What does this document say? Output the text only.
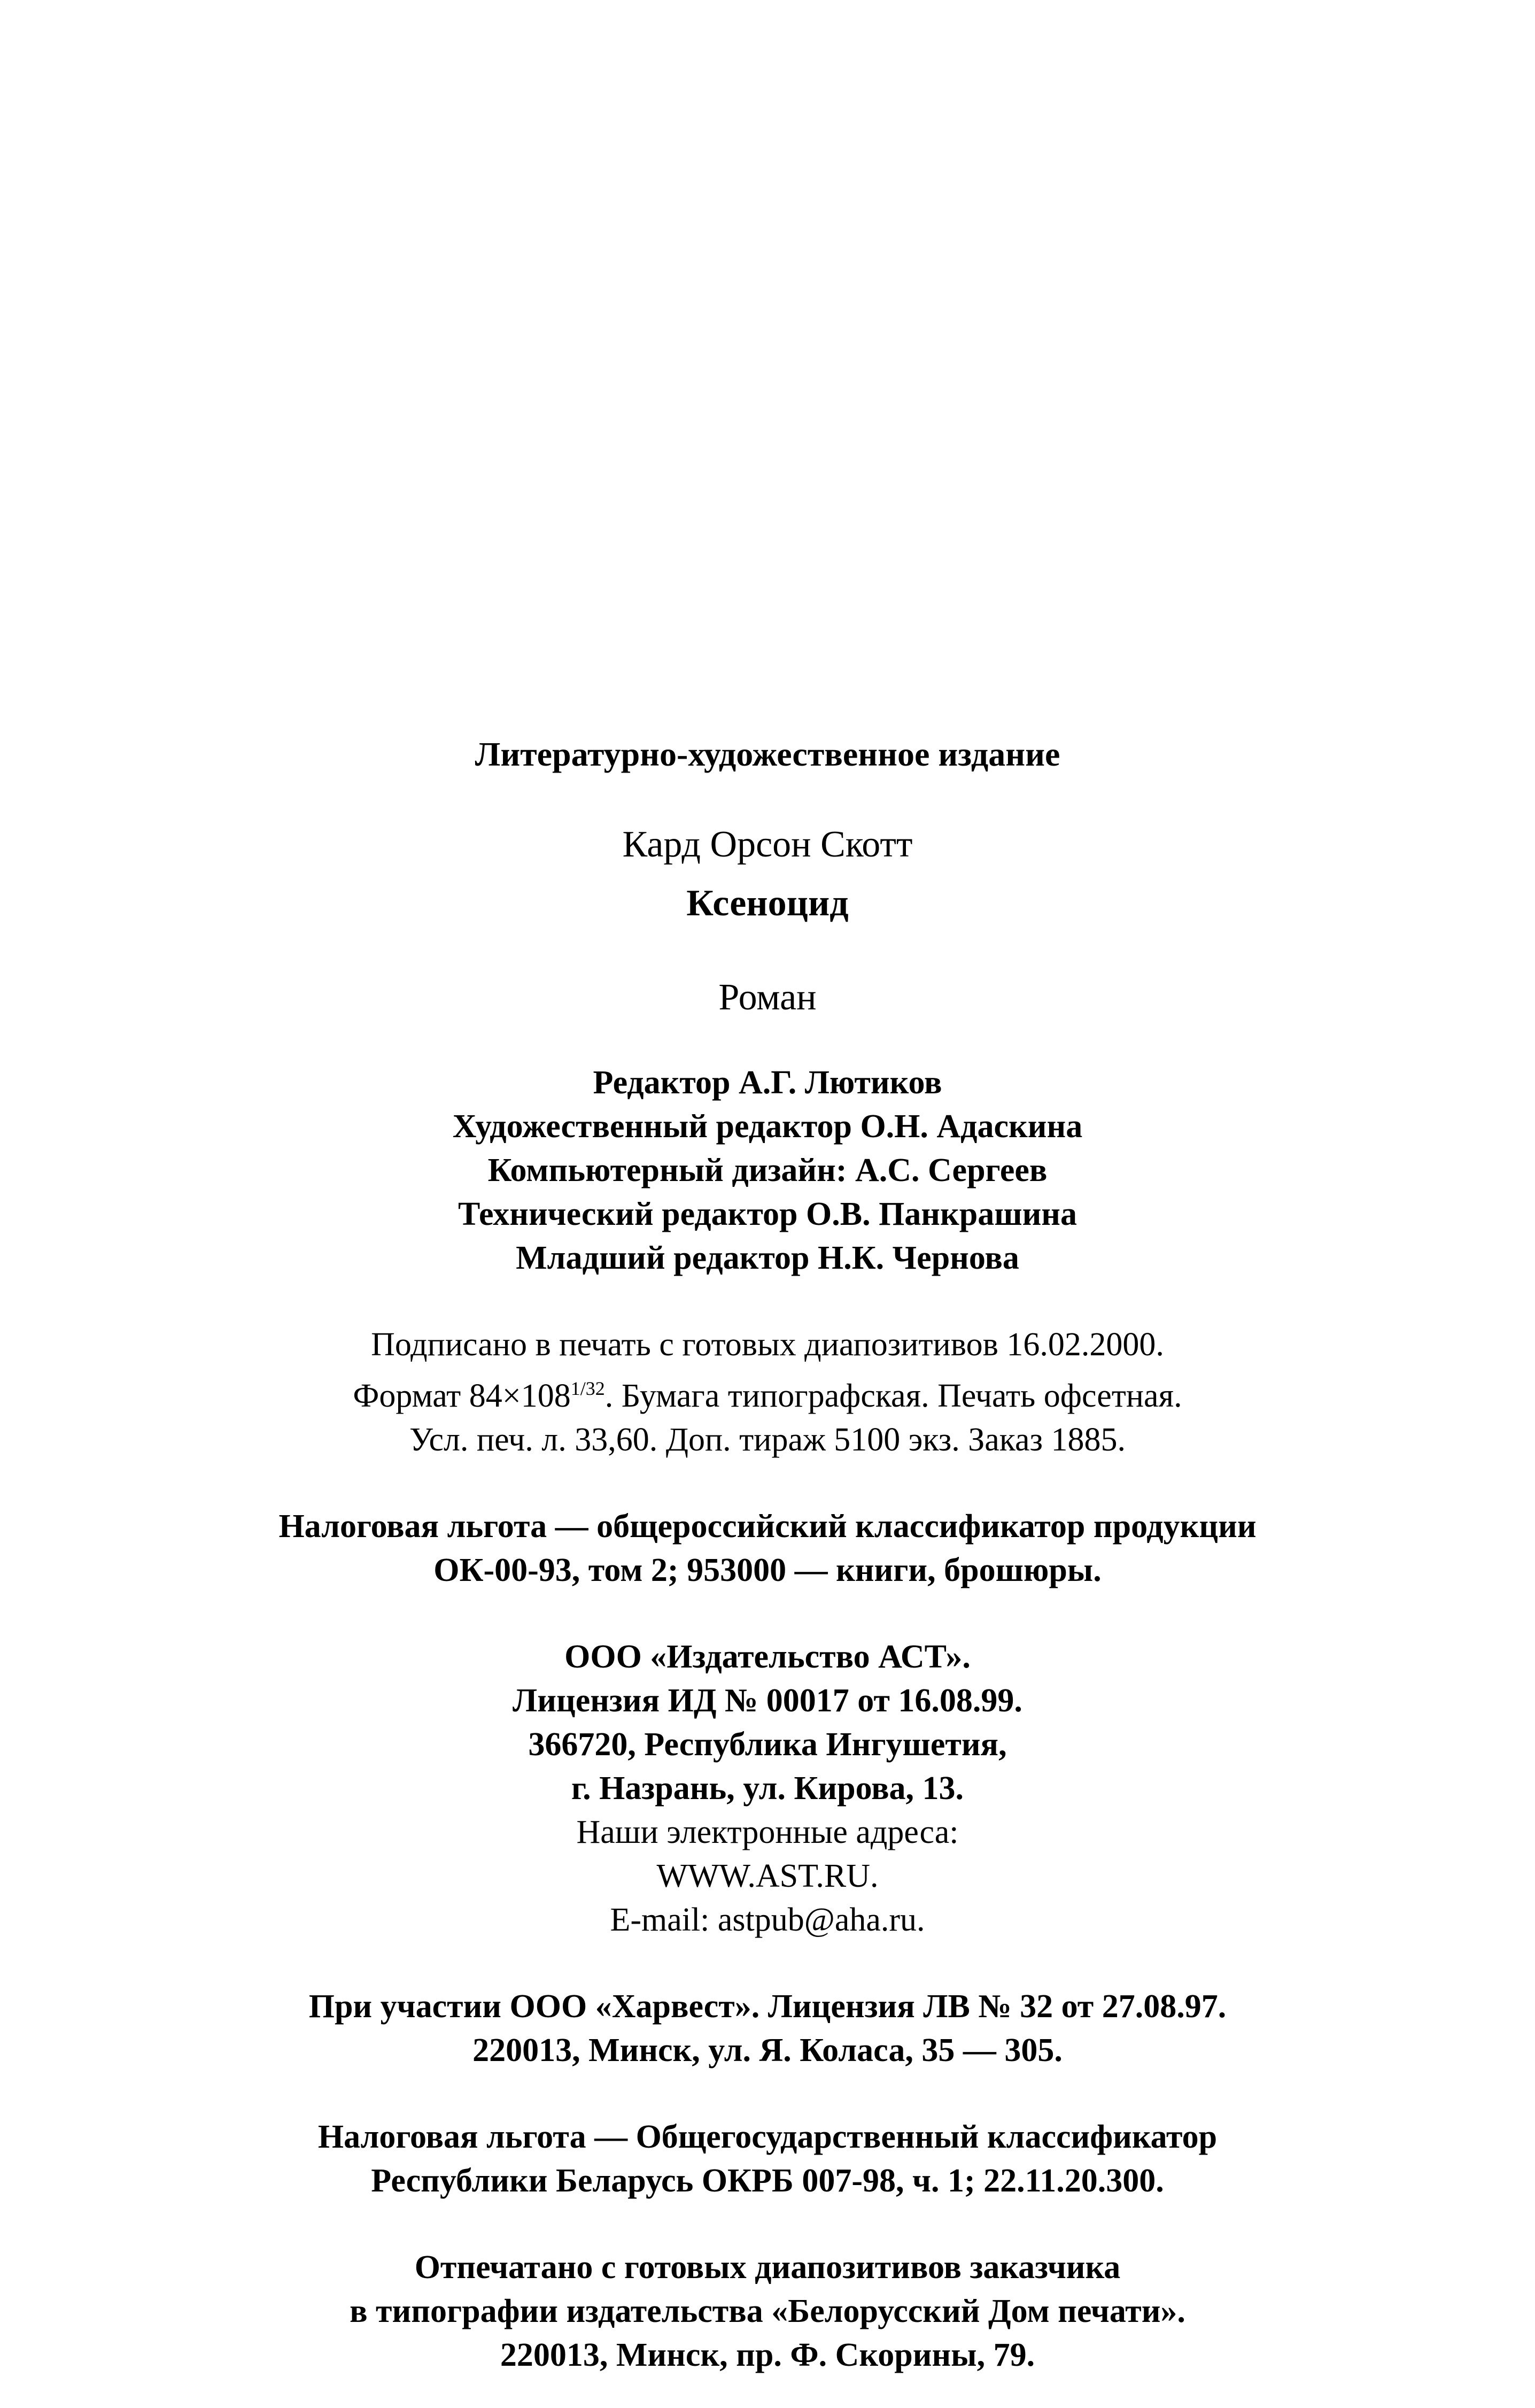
Литературно-художественное издание
Кард Орсон Скотт
Ксеноцид
Роман
Редактор А.Г. Лютиков
Художественный редактор О.Н. Адаскина
Компьютерный дизайн: А.С. Сергеев
Технический редактор О.В. Панкрашина
Младший редактор Н.К. Чернова
Подписано в печать с готовых диапозитивов 16.02.2000.
Формат $84\times 108^{1/32}$. Бумага типографская. Печать офсетная.
Усл. печ. л. 33,60. Доп. тираж 5100 экз. Заказ 1885.
Налоговая льгота — общероссийский классификатор продукции
ОК-00-93, том 2; 953000 — книги, брошюры.
ООО «Издательство АСТ».
Лицензия ИД № 00017 от 16.08.99.
366720, Республика Ингушетия,
г. Назрань, ул. Кирова, 13.
Наши электронные адреса:
WWW.AST.RU.
E-mail: astpub@aha.ru.
При участии ООО «Харвест». Лицензия ЛВ № 32 от 27.08.97.
220013, Минск, ул. Я. Коласа, 35 — 305.
Налоговая льгота — Общегосударственный классификатор
Республики Беларусь ОКРБ 007-98, ч. 1; 22.11.20.300.
Отпечатано с готовых диапозитивов заказчика
в типографии издательства «Белорусский Дом печати».
220013, Минск, пр. Ф. Скорины, 79.
